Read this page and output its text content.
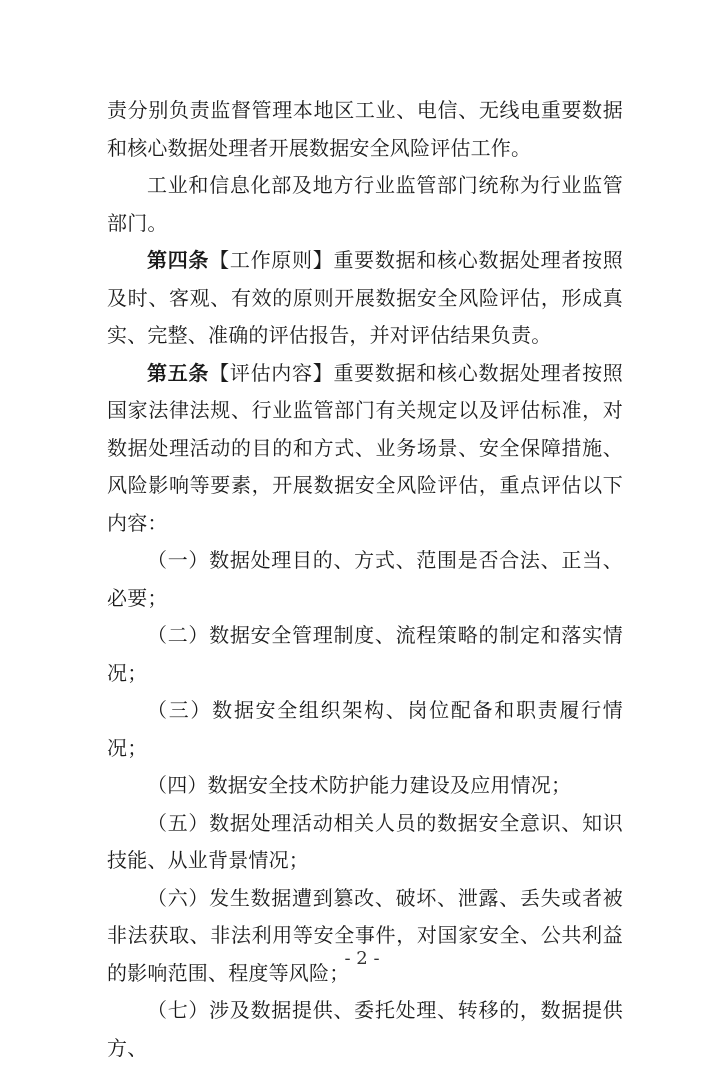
责分别负责监督管理本地区工业、电信、无线电重要数据和核心数据处理者开展数据安全风险评估工作。

工业和信息化部及地方行业监管部门统称为行业监管部门。

第四条【工作原则】重要数据和核心数据处理者按照及时、客观、有效的原则开展数据安全风险评估，形成真实、完整、准确的评估报告，并对评估结果负责。

第五条【评估内容】重要数据和核心数据处理者按照国家法律法规、行业监管部门有关规定以及评估标准，对数据处理活动的目的和方式、业务场景、安全保障措施、风险影响等要素，开展数据安全风险评估，重点评估以下内容：

（一）数据处理目的、方式、范围是否合法、正当、必要；

（二）数据安全管理制度、流程策略的制定和落实情况；

（三）数据安全组织架构、岗位配备和职责履行情况；

（四）数据安全技术防护能力建设及应用情况；

（五）数据处理活动相关人员的数据安全意识、知识技能、从业背景情况；

（六）发生数据遭到篡改、破坏、泄露、丢失或者被非法获取、非法利用等安全事件，对国家安全、公共利益的影响范围、程度等风险；

（七）涉及数据提供、委托处理、转移的，数据提供方、

- 2 -
